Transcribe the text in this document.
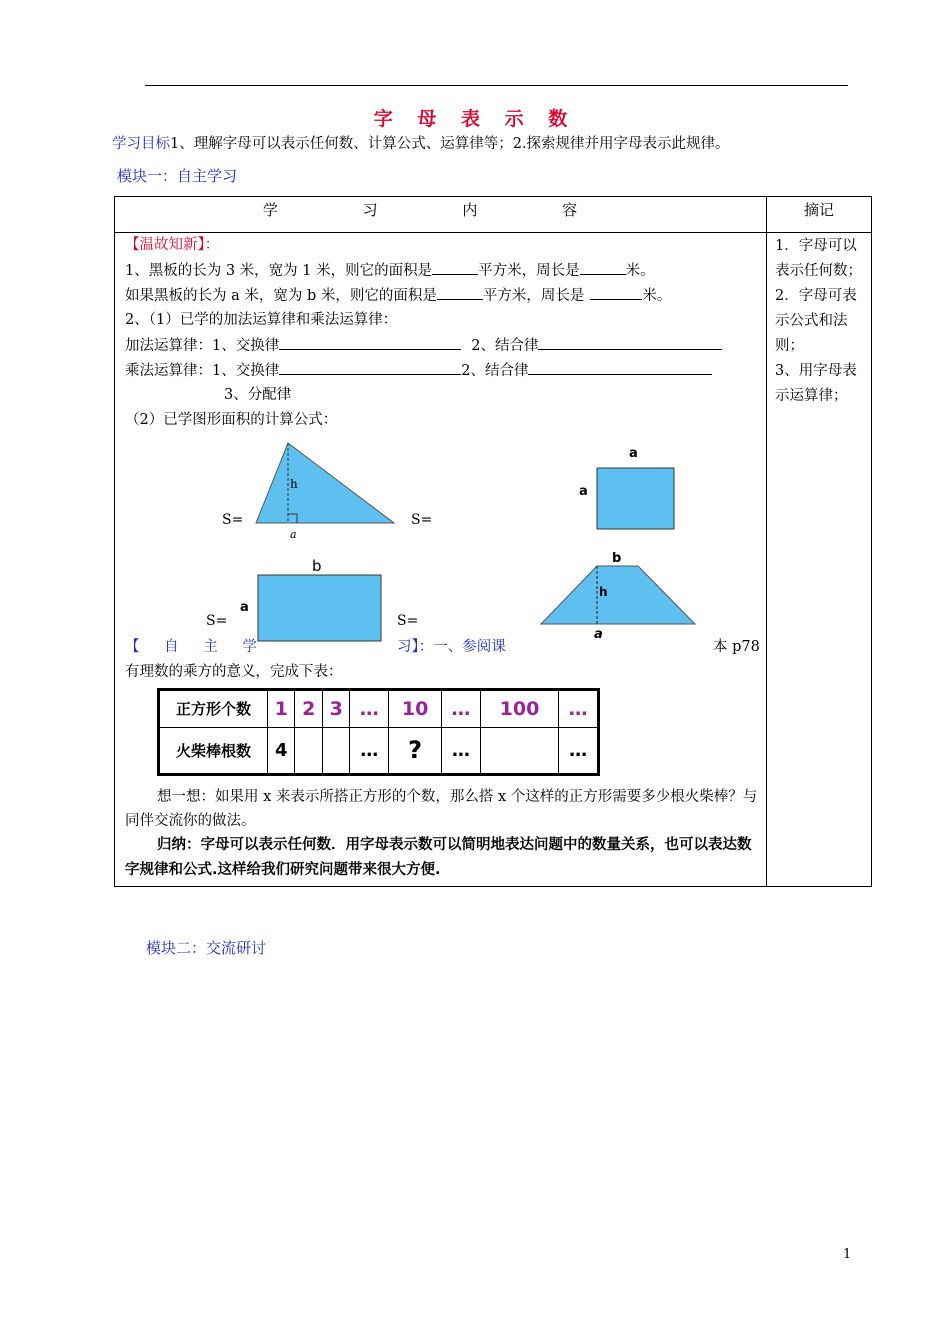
字 母 表 示 数
学习目标1、理解字母可以表示任何数、计算公式、运算律等；2.探索规律并用字母表示此规律。
模块一：自主学习
学 习 内 容	摘记
【温故知新】：
1、黑板的长为 3 米，宽为 1 米，则它的面积是	平方米，周长是	米。
如果黑板的长为 a 米，宽为 b 米，则它的面积是	平方米，周长是	米。
2、（1）已学的加法运算律和乘法运算律：
加法运算律：1、交换律	2、结合律
乘法运算律：1、交换律	2、结合律
3、分配律
（2）已学图形面积的计算公式：
h
a
S=	S=
a
a
b
a
S=	S=
b
h
a
【 自 主 学	习】：一、参阅课	本 p78
有理数的乘方的意义，完成下表：
正方形个数	1	2	3	…	10	…	100	…
火柴棒根数	4			…	?	…		…
想一想：如果用 x 来表示所搭正方形的个数，那么搭 x 个这样的正方形需要多少根火柴棒？与同伴交流你的做法。
归纳：字母可以表示任何数．用字母表示数可以简明地表达问题中的数量关系，也可以表达数字规律和公式.这样给我们研究问题带来很大方便.

1．字母可以表示任何数；

2．字母可表示公式和法则；

3、用字母表示运算律；

模块二：交流研讨
1
